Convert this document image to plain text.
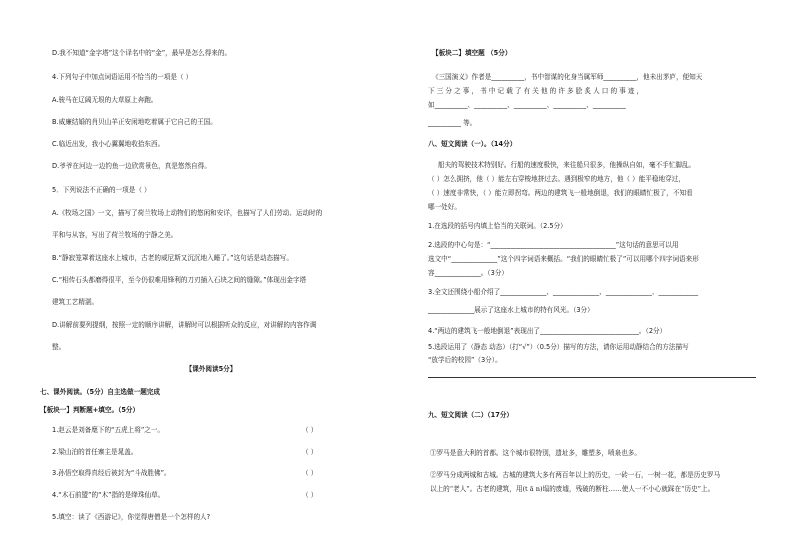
D.我不知道“金字塔”这个译名中的“金”，最早是怎么得来的。
4.下列句子中加点词语运用不恰当的一项是（ ）
A.骏马在辽阔无垠的大草原上奔跑。
B.威廉结婚的肖贝山羊正安闲地吃着属于它自己的王国。
C.临近出发，我小心翼翼地收拾东西。
D.爷爷在河边一边钓鱼一边欣赏景色，真是悠然自得。
5．下列说法不正确的一项是（ ）
A.《牧场之国》一文，描写了荷兰牧场上动物们的悠闲和安详，也描写了人们劳动、运动时的
平和与从容，写出了荷兰牧场的宁静之美。
B.“静寂笼罩着这座水上城市，古老的威尼斯又沉沉地入睡了。”这句话是动态描写。
C.“相传石头都磨得很平，至今仍很难用锋利的刀刃插入石块之间的缝隙。”体现出金字塔
建筑工艺精湛。
D.讲解前要列提纲，按照一定的顺序讲解，讲解时可以根据听众的反应，对讲解的内容作调
整。
【课外阅读5分】
七、课外阅读。（5分）自主选做一题完成
【板块一】判断题+填空。（5分）
1.赵云是刘备麾下的“五虎上将”之一。	（ ）
2.梁山泊的首任寨主是晁盖。	（ ）
3.孙悟空取得真经后被封为“斗战胜佛”。	（ ）
4.“木石前盟”的“木”指的是绛珠仙草。	（ ）
5.填空：读了《西游记》，你觉得唐僧是一个怎样的人?
【板块二】填空题 （5分）
《三国演义》作者是__________，书中智谋的化身当属军师__________，他未出茅庐，便知天
下 三 分 之 事 ， 书 中 记 载 了 有 关 他 的 许 多 脍 炙 人 口 的 事 迹 ，
如__________、__________、__________、__________、__________
__________ 等。
八、短文阅读（一）。（14分）
船夫的驾驶技术特别好。行船的速度极快，来往船只很多，他操纵自如，毫不手忙脚乱。
（ ）怎么拥挤，他（ ）能左右穿梭地挤过去。遇到极窄的地方，他（ ）能平稳地穿过，
（ ）速度非常快，（ ）能立即拐弯。两边的建筑飞一般地倒退，我们的眼睛忙极了，不知看
哪一处好。
1.在选段的括号内填上恰当的关联词。（2.5分）
2.选段的中心句是：“______________________________________”这句话的意思可以用
选文中“______________”这个四字词语来概括。“我们的眼睛忙极了”可以用哪个四字词语来形
容______________。（3分）
3.全文还围绕小船介绍了______________、______________、______________、____________
______________展示了这座水上城市的特有风光。（3分）
4.“两边的建筑飞一般地倒退”表现出了______________________________。（2分）
5.选段运用了（静态 动态）（打“√”）（0.5分）描写的方法，请你运用动静结合的方法描写
“放学后的校园”（3分）。
九、短文阅读（二）（17分）
①罗马是意大利的首都。这个城市很特别，遗址多，雕塑多，喷泉也多。
②罗马分成两城和古城。古城的建筑大多有两百年以上的历史，一砖一石，一树一花，都是历史罗马
以上的“老人”。古老的建筑，用(t ā n)塌的废墟，残破的断柱……使人一不小心就踩在“历史”上。
